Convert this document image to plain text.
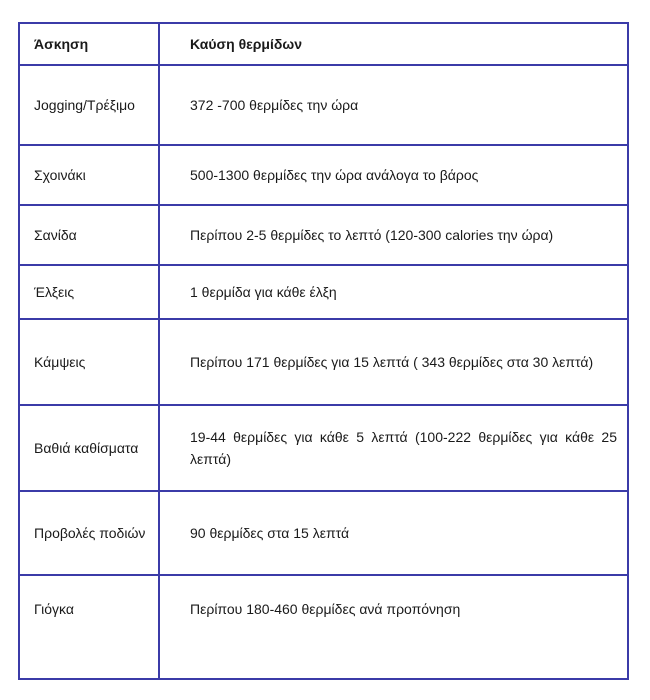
Άσκηση	Καύση θερμίδων
Jogging/Τρέξιμο	372 -700 θερμίδες την ώρα
Σχοινάκι	500-1300 θερμίδες την ώρα ανάλογα το βάρος
Σανίδα	Περίπου 2-5 θερμίδες το λεπτό (120-300 calories την ώρα)
Έλξεις	1 θερμίδα για κάθε έλξη
Κάμψεις	Περίπου 171 θερμίδες για 15 λεπτά ( 343 θερμίδες στα 30 λεπτά)
Βαθιά καθίσματα	19-44 θερμίδες για κάθε 5 λεπτά (100-222 θερμίδες για κάθε 25 λεπτά)
Προβολές ποδιών	90 θερμίδες στα 15 λεπτά
Γιόγκα	Περίπου 180-460 θερμίδες ανά προπόνηση
